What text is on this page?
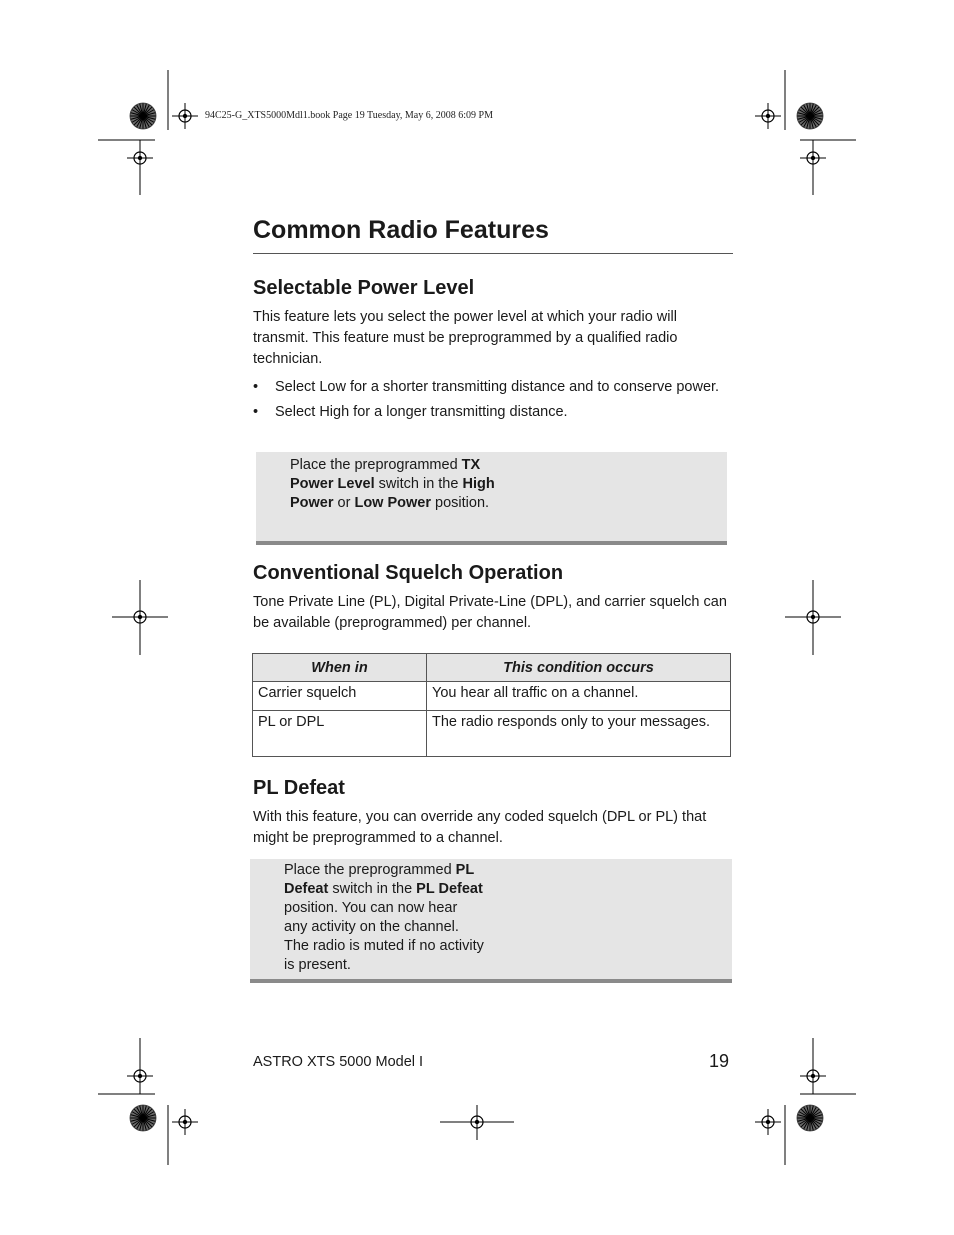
94C25-G_XTS5000Mdl1.book Page 19 Tuesday, May 6, 2008 6:09 PM
Common Radio Features
Selectable Power Level

This feature lets you select the power level at which your radio will transmit. This feature must be preprogrammed by a qualified radio technician.

• Select Low for a shorter transmitting distance and to conserve power.
• Select High for a longer transmitting distance.
Place the preprogrammed TX Power Level switch in the High Power or Low Power position.
Conventional Squelch Operation

Tone Private Line (PL), Digital Private-Line (DPL), and carrier squelch can be available (preprogrammed) per channel.

When in	This condition occurs
Carrier squelch	You hear all traffic on a channel.
PL or DPL	The radio responds only to your messages.
PL Defeat

With this feature, you can override any coded squelch (DPL or PL) that might be preprogrammed to a channel.

Place the preprogrammed PL Defeat switch in the PL Defeat position. You can now hear any activity on the channel. The radio is muted if no activity is present.
ASTRO XTS 5000 Model I	19
